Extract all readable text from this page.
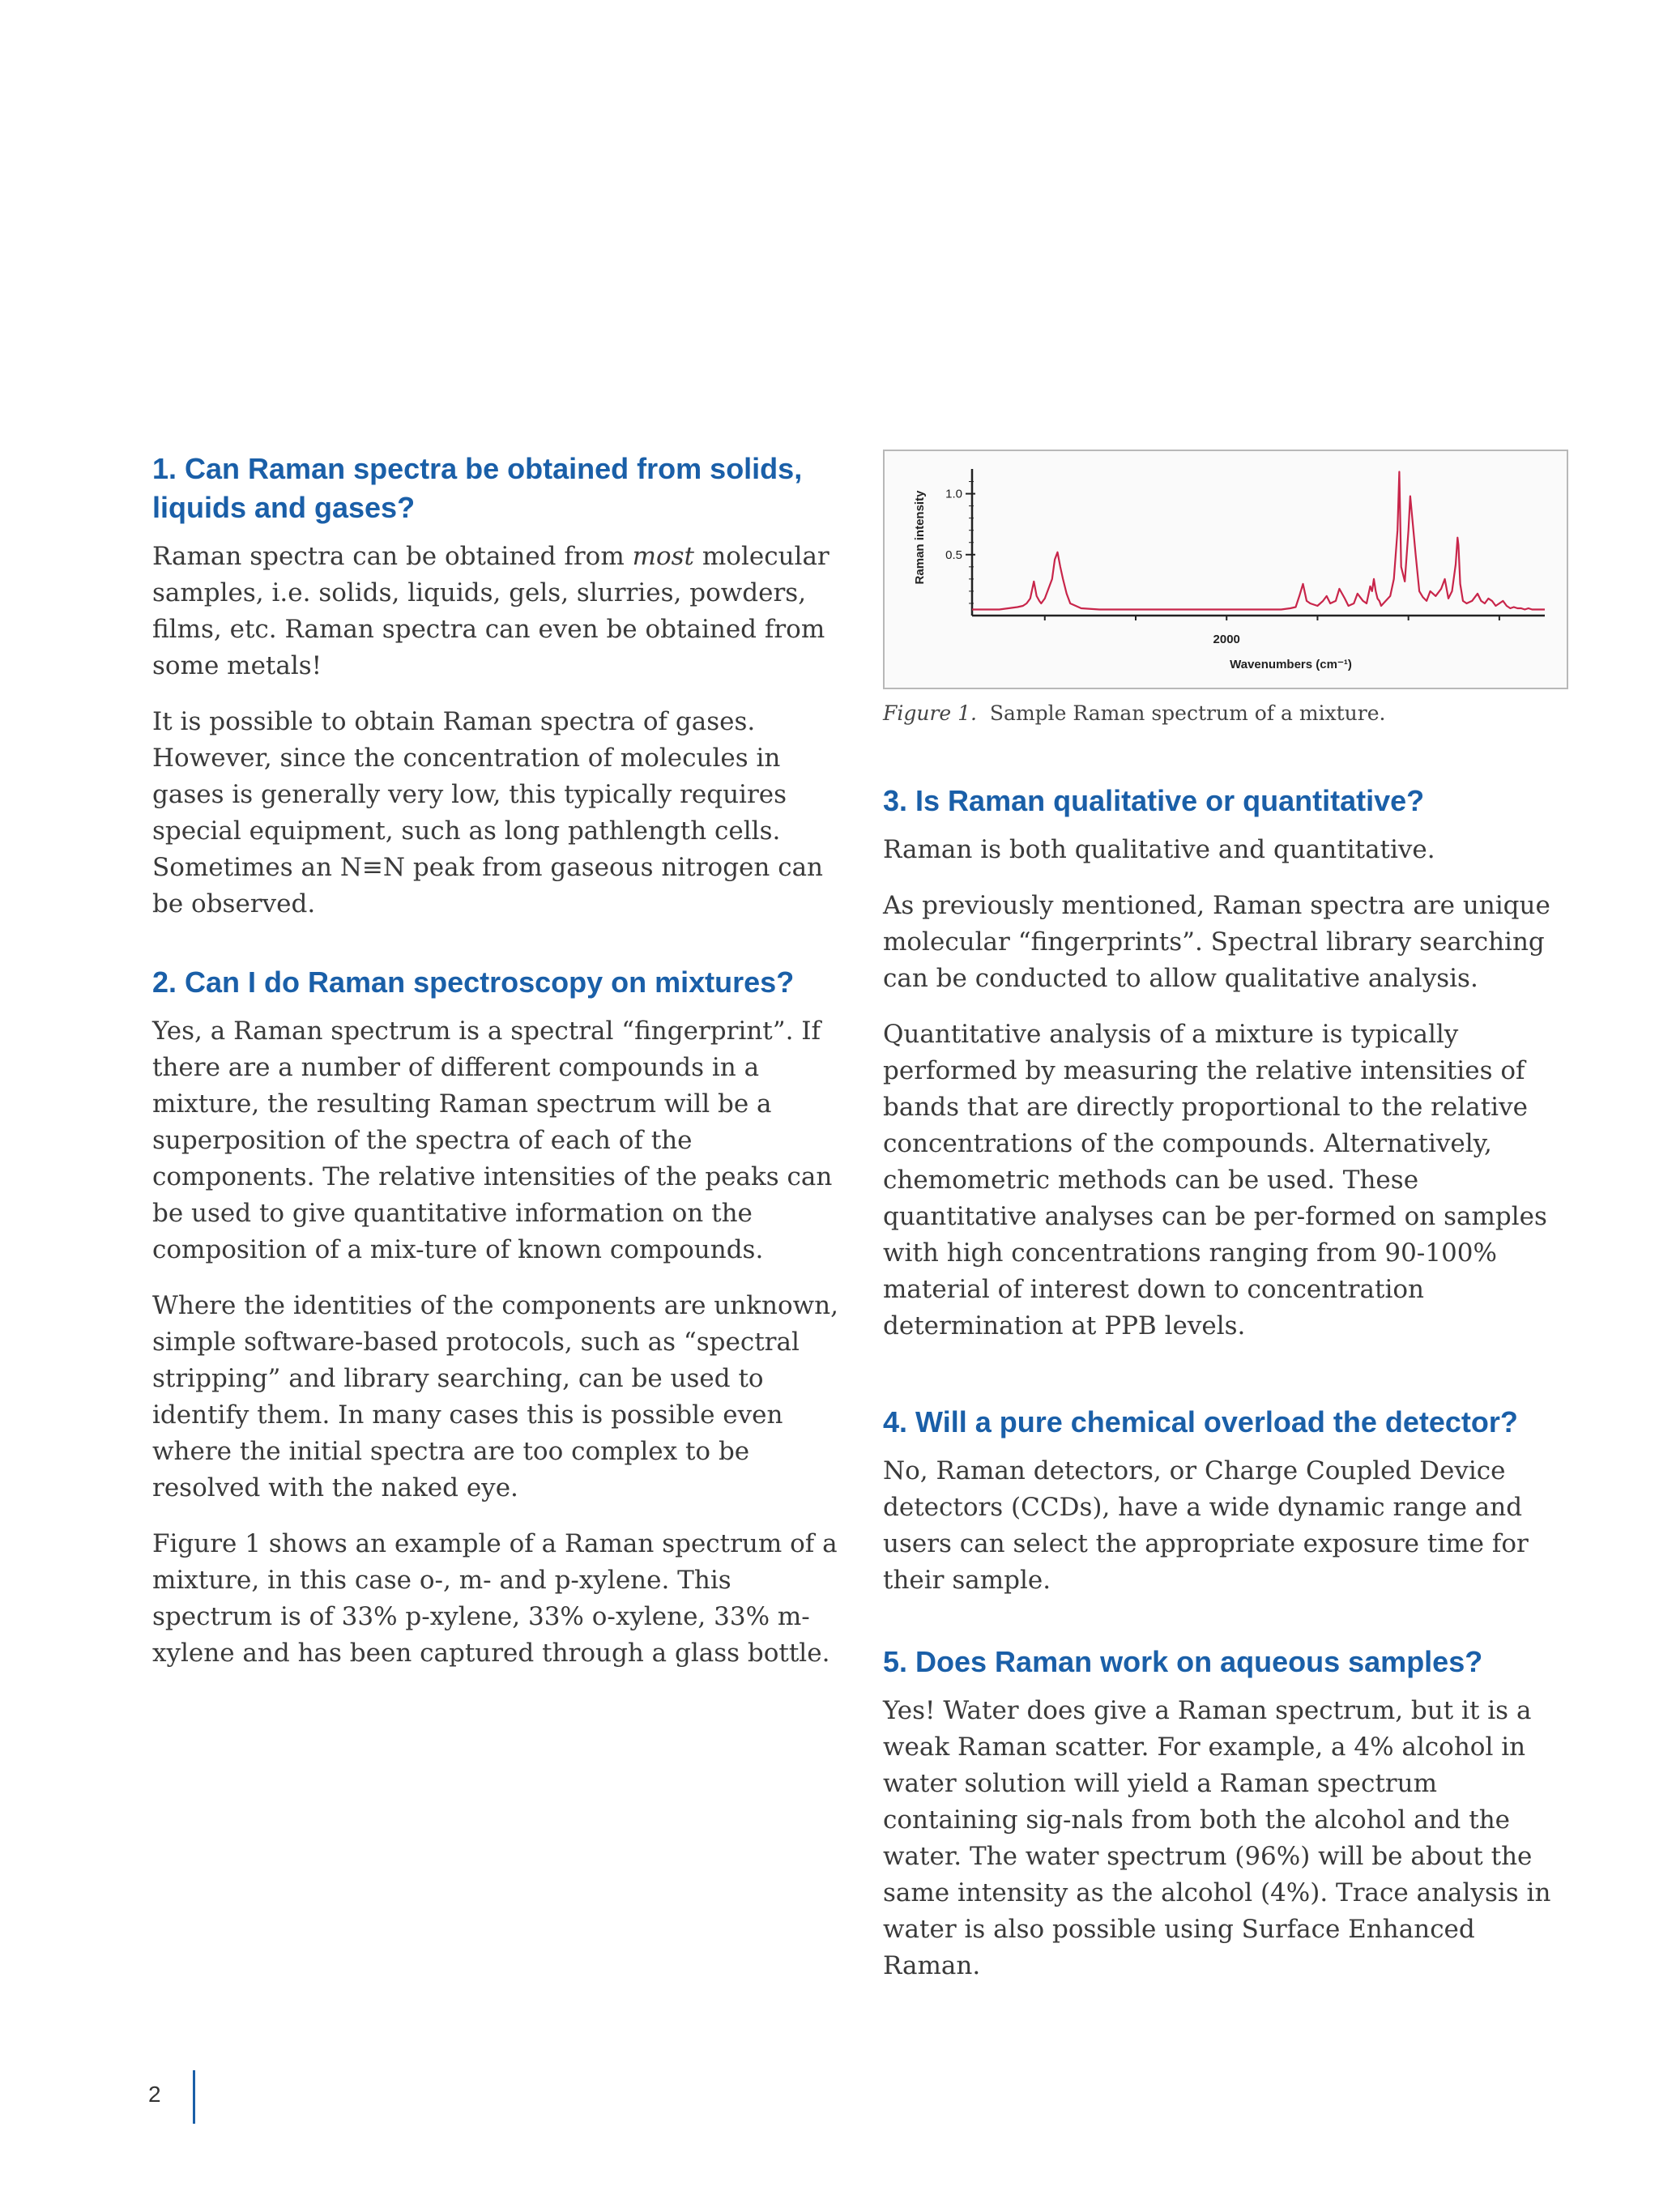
1. Can Raman spectra be obtained from solids, liquids and gases?

Raman spectra can be obtained from most molecular samples, i.e. solids, liquids, gels, slurries, powders, films, etc. Raman spectra can even be obtained from some metals!

It is possible to obtain Raman spectra of gases. However, since the concentration of molecules in gases is generally very low, this typically requires special equipment, such as long pathlength cells. Sometimes an N≡N peak from gaseous nitrogen can be observed.

2. Can I do Raman spectroscopy on mixtures?

Yes, a Raman spectrum is a spectral “fingerprint”. If there are a number of different compounds in a mixture, the resulting Raman spectrum will be a superposition of the spectra of each of the components. The relative intensities of the peaks can be used to give quantitative information on the composition of a mix-ture of known compounds.

Where the identities of the components are unknown, simple software-based protocols, such as “spectral stripping” and library searching, can be used to identify them. In many cases this is possible even where the initial spectra are too complex to be resolved with the naked eye.

Figure 1 shows an example of a Raman spectrum of a mixture, in this case o-, m- and p-xylene. This spectrum is of 33% p-xylene, 33% o-xylene, 33% m-xylene and has been captured through a glass bottle.

0.5
1.0
2000
Wavenumbers (cm⁻¹)
Raman intensity

Figure 1. Sample Raman spectrum of a mixture.

3. Is Raman qualitative or quantitative?

Raman is both qualitative and quantitative.

As previously mentioned, Raman spectra are unique molecular “fingerprints”. Spectral library searching can be conducted to allow qualitative analysis.

Quantitative analysis of a mixture is typically performed by measuring the relative intensities of bands that are directly proportional to the relative concentrations of the compounds. Alternatively, chemometric methods can be used. These quantitative analyses can be per-formed on samples with high concentrations ranging from 90-100% material of interest down to concentration determination at PPB levels.

4. Will a pure chemical overload the detector?

No, Raman detectors, or Charge Coupled Device detectors (CCDs), have a wide dynamic range and users can select the appropriate exposure time for their sample.

5. Does Raman work on aqueous samples?

Yes! Water does give a Raman spectrum, but it is a weak Raman scatter. For example, a 4% alcohol in water solution will yield a Raman spectrum containing sig-nals from both the alcohol and the water. The water spectrum (96%) will be about the same intensity as the alcohol (4%). Trace analysis in water is also possible using Surface Enhanced Raman.

2
